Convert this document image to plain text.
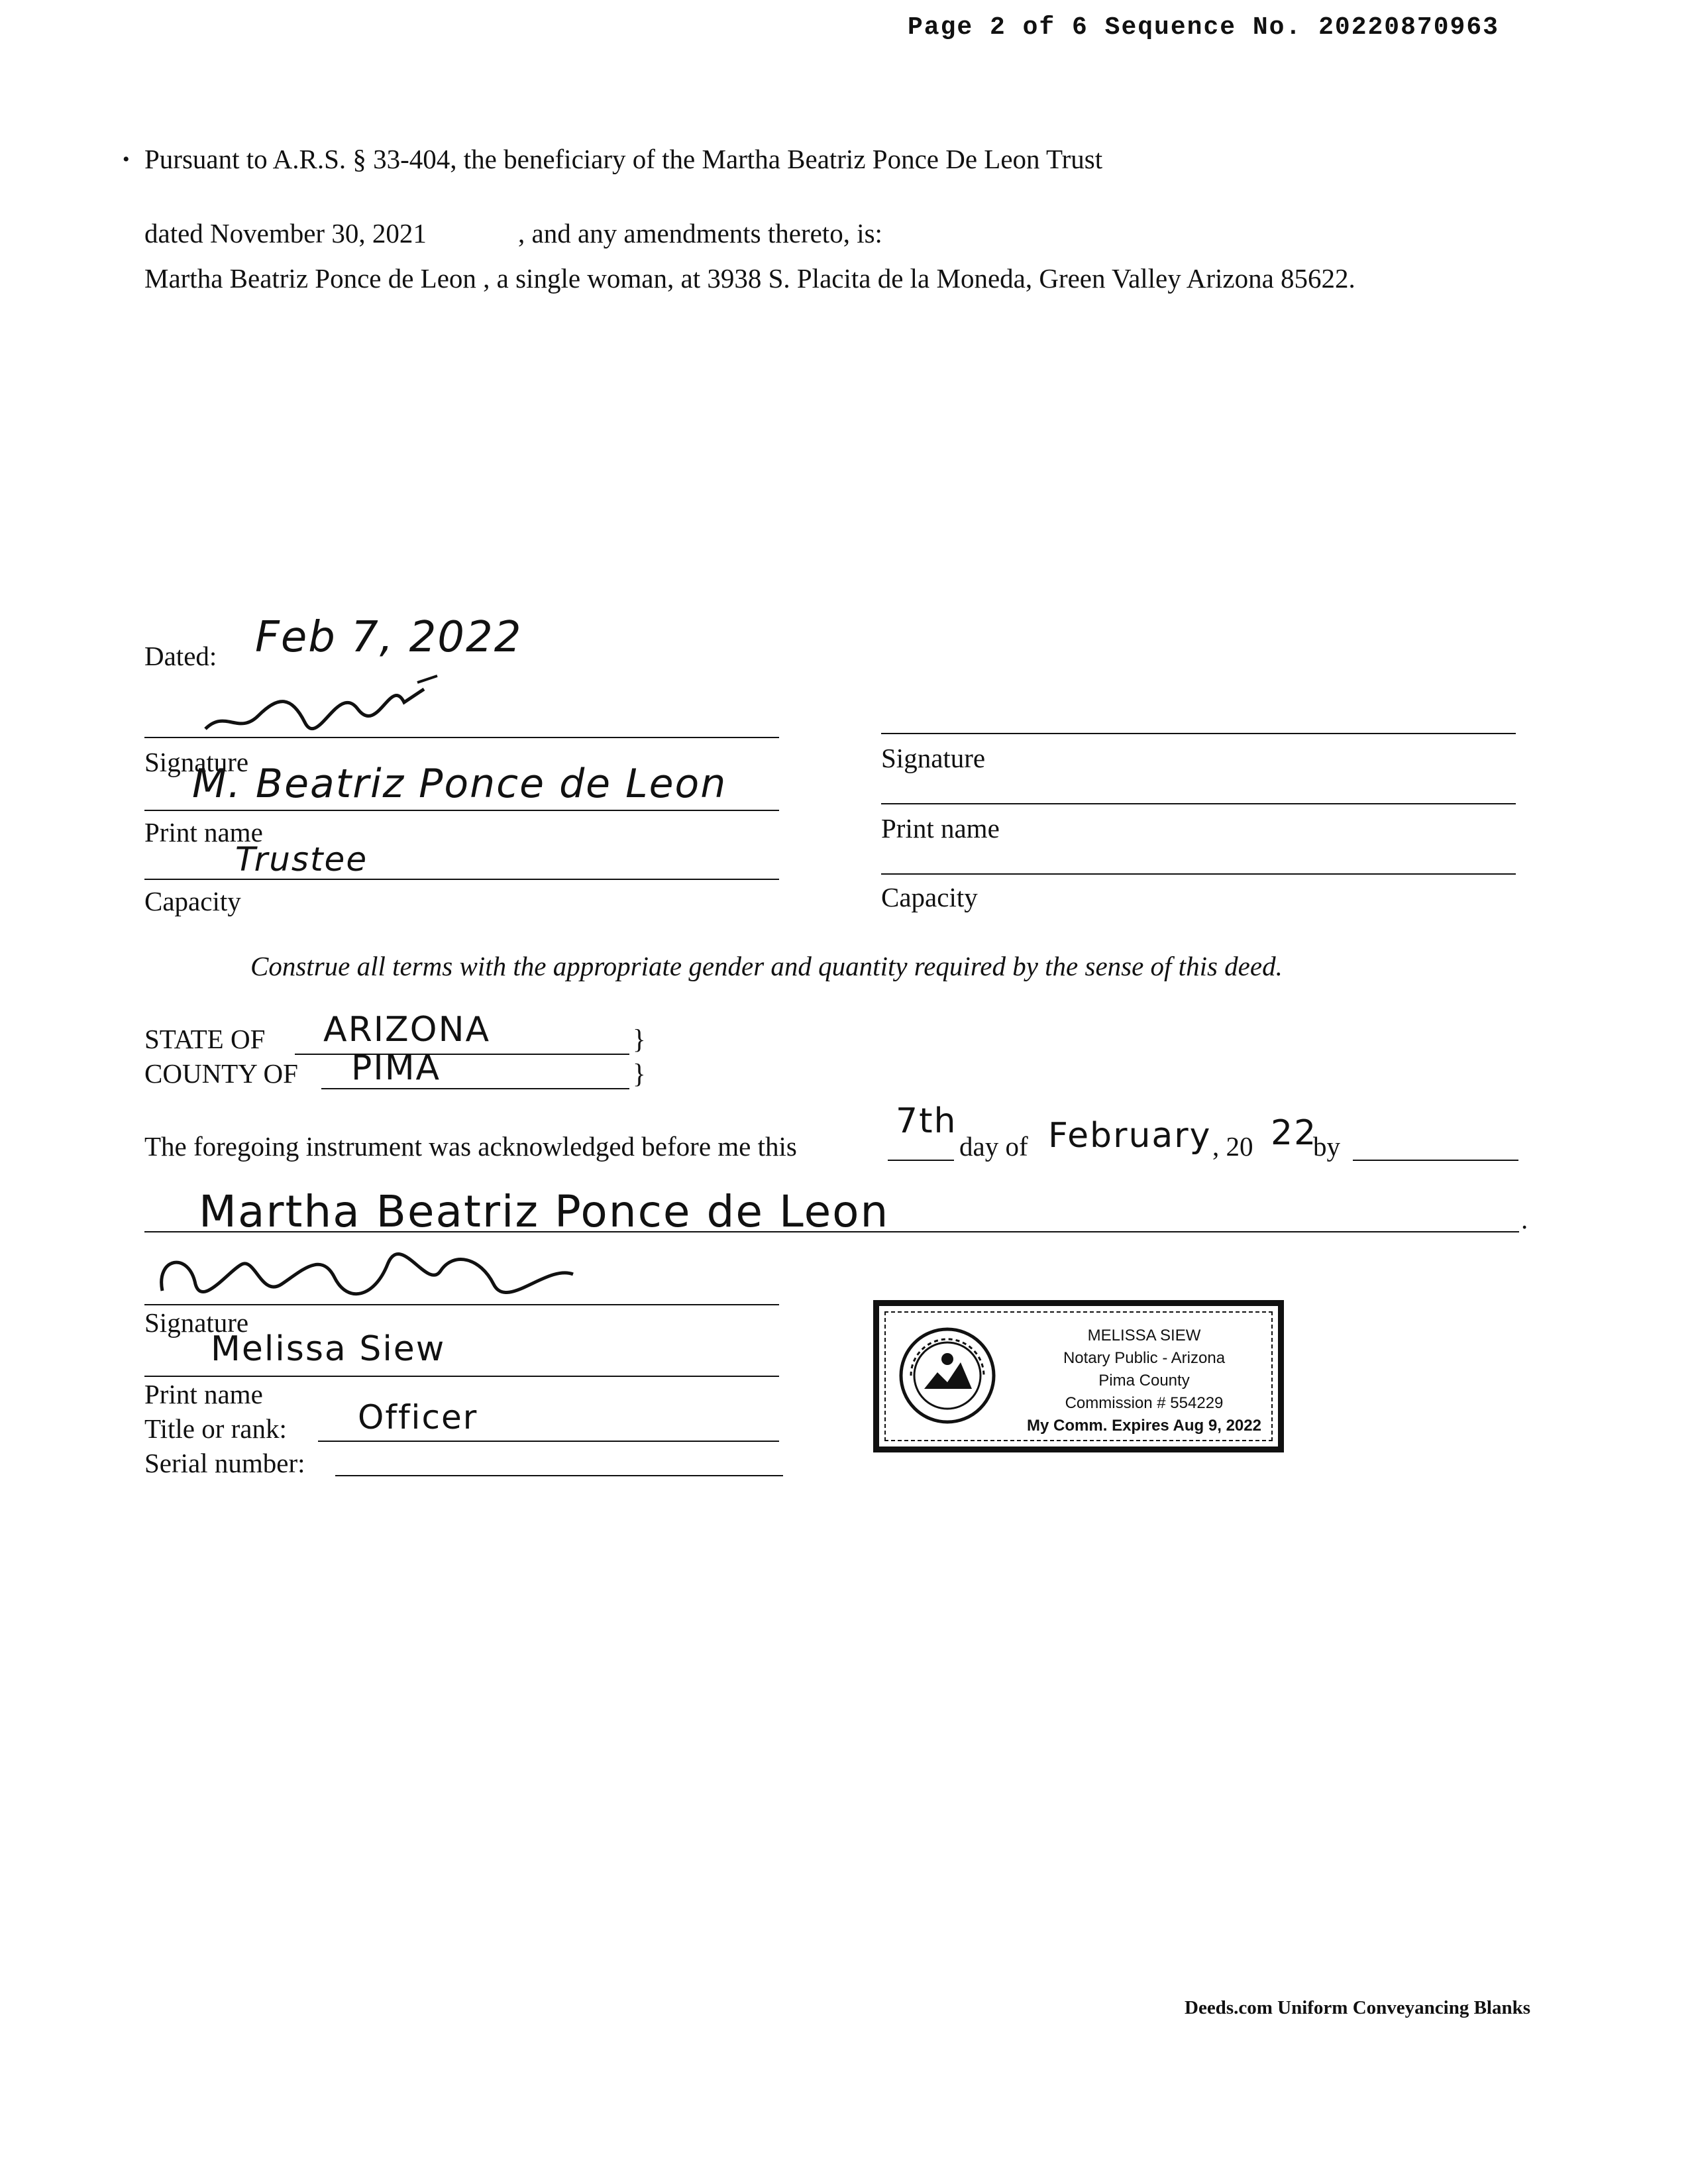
Page 2 of 6 Sequence No. 20220870963
• Pursuant to A.R.S. § 33-404, the beneficiary of the Martha Beatriz Ponce De Leon Trust
dated November 30, 2021	, and any amendments thereto, is:
Martha Beatriz Ponce de Leon , a single woman, at 3938 S. Placita de la Moneda, Green Valley Arizona 85622.
Dated: Feb 7, 2022
Signature
M. Beatriz Ponce de Leon
Print name
Trustee
Capacity
Signature
Print name
Capacity
Construe all terms with the appropriate gender and quantity required by the sense of this deed.
STATE OF ARIZONA	}
COUNTY OF PIMA	}
The foregoing instrument was acknowledged before me this
7th
day of February , 20 22
by
Martha Beatriz Ponce de Leon	.
Signature
Melissa Siew
Print name
Title or rank: Officer
Serial number:
MELISSA SIEW
Notary Public - Arizona
Pima County
Commission # 554229
My Comm. Expires Aug 9, 2022
Deeds.com Uniform Conveyancing Blanks
